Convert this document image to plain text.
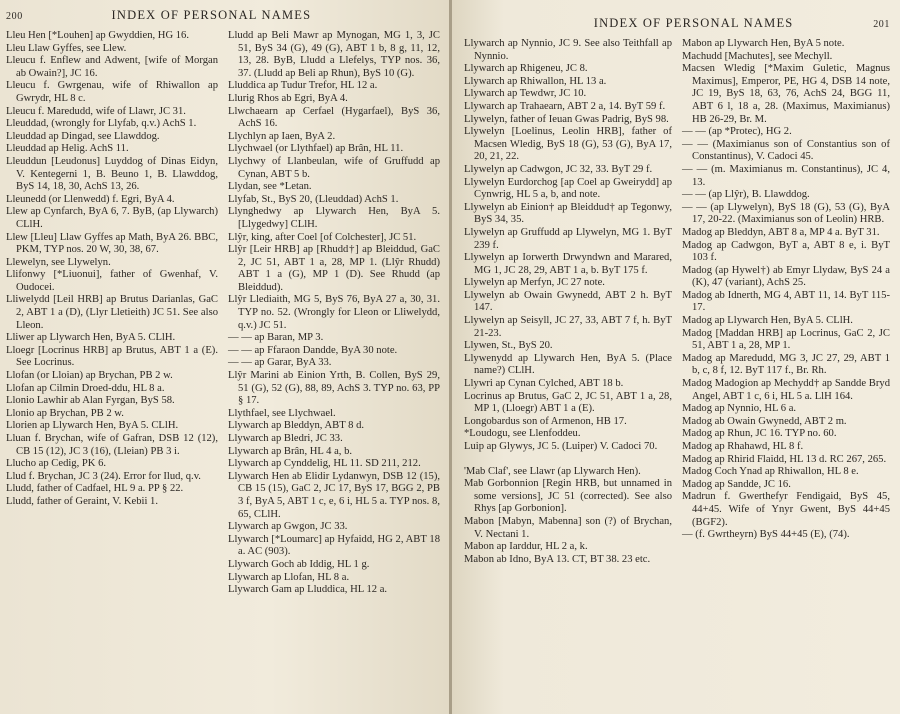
200	INDEX OF PERSONAL NAMES

Lleu Hen [*Louhen] ap Gwyddien, HG 16.

Lleu Llaw Gyffes, see Llew.

Lleucu f. Enflew and Adwent, [wife of Morgan ab Owain?], JC 16.

Lleucu f. Gwrgenau, wife of Rhiwallon ap Gwrydr, HL 8 c.

Lleucu f. Maredudd, wife of Llawr, JC 31.

Lleuddad, (wrongly for Llyfab, q.v.) AchS 1.

Lleuddad ap Dingad, see Llawddog.

Lleuddad ap Helig. AchS 11.

Lleuddun [Leudonus] Luyddog of Dinas Eidyn, V. Kentegerni 1, B. Beuno 1, B. Llawddog, ByS 14, 18, 30, AchS 13, 26.

Lleunedd (or Llenwedd) f. Egri, ByA 4.

Llew ap Cynfarch, ByA 6, 7. ByB, (ap Llywarch) CLlH.

Llew [Lleu] Llaw Gyffes ap Math, ByA 26. BBC, PKM, TYP nos. 20 W, 30, 38, 67.

Llewelyn, see Llywelyn.

Llifonwy [*Liuonui], father of Gwenhaf, V. Oudocei.

Lliwelydd [Leil HRB] ap Brutus Darianlas, GaC 2, ABT 1 a (D), (Llyr Lletieith) JC 51. See also Lleon.

Lliwer ap Llywarch Hen, ByA 5. CLlH.

Lloegr [Locrinus HRB] ap Brutus, ABT 1 a (E). See Locrinus.

Llofan (or Lloian) ap Brychan, PB 2 w.

Llofan ap Cilmin Droed-ddu, HL 8 a.

Llonio Lawhir ab Alan Fyrgan, ByS 58.

Llonio ap Brychan, PB 2 w.

Llorien ap Llywarch Hen, ByA 5. CLlH.

Lluan f. Brychan, wife of Gafran, DSB 12 (12), CB 15 (12), JC 3 (16), (Lleian) PB 3 i.

Llucho ap Cedig, PK 6.

Llud f. Brychan, JC 3 (24). Error for Ilud, q.v.

Lludd, father of Cadfael, HL 9 a. PP § 22.

Lludd, father of Geraint, V. Kebii 1.

Lludd ap Beli Mawr ap Mynogan, MG 1, 3, JC 51, ByS 34 (G), 49 (G), ABT 1 b, 8 g, 11, 12, 13, 28. ByB, Lludd a Llefelys, TYP nos. 36, 37. (Lludd ap Beli ap Rhun), ByS 10 (G).

Lluddica ap Tudur Trefor, HL 12 a.

Llurig Rhos ab Egri, ByA 4.

Llwchaearn ap Cerfael (Hygarfael), ByS 36, AchS 16.

Llychlyn ap Iaen, ByA 2.

Llychwael (or Llythfael) ap Brân, HL 11.

Llychwy of Llanbeulan, wife of Gruffudd ap Cynan, ABT 5 b.

Llydan, see *Letan.

Llyfab, St., ByS 20, (Lleuddad) AchS 1.

Llynghedwy ap Llywarch Hen, ByA 5. [Llygedwy] CLlH.

Llŷr, king, after Coel [of Colchester], JC 51.

Llŷr [Leir HRB] ap [Rhudd†] ap Bleiddud, GaC 2, JC 51, ABT 1 a, 28, MP 1. (Llŷr Rhudd) ABT 1 a (G), MP 1 (D). See Rhudd (ap Bleiddud).

Llŷr Llediaith, MG 5, ByS 76, ByA 27 a, 30, 31. TYP no. 52. (Wrongly for Lleon or Lliwelydd, q.v.) JC 51.

— — ap Baran, MP 3.

— — ap Ffaraon Dandde, ByA 30 note.

— — ap Garar, ByA 33.

Llŷr Marini ab Einion Yrth, B. Collen, ByS 29, 51 (G), 52 (G), 88, 89, AchS 3. TYP no. 63, PP § 17.

Llythfael, see Llychwael.

Llywarch ap Bleddyn, ABT 8 d.

Llywarch ap Bledri, JC 33.

Llywarch ap Brân, HL 4 a, b.

Llywarch ap Cynddelig, HL 11. SD 211, 212.

Llywarch Hen ab Elidir Lydanwyn, DSB 12 (15), CB 15 (15), GaC 2, JC 17, ByS 17, BGG 2, PB 3 f, ByA 5, ABT 1 c, e, 6 i, HL 5 a. TYP nos. 8, 65, CLlH.

Llywarch ap Gwgon, JC 33.

Llywarch [*Loumarc] ap Hyfaidd, HG 2, ABT 18 a. AC (903).

Llywarch Goch ab Iddig, HL 1 g.

Llywarch ap Llofan, HL 8 a.

Llywarch Gam ap Lluddica, HL 12 a.

INDEX OF PERSONAL NAMES	201

Llywarch ap Nynnio, JC 9. See also Teithfall ap Nynnio.

Llywarch ap Rhigeneu, JC 8.

Llywarch ap Rhiwallon, HL 13 a.

Llywarch ap Tewdwr, JC 10.

Llywarch ap Trahaearn, ABT 2 a, 14. ByT 59 f.

Llywelyn, father of Ieuan Gwas Padrig, ByS 98.

Llywelyn [Loelinus, Leolin HRB], father of Macsen Wledig, ByS 18 (G), 53 (G), ByA 17, 20, 21, 22.

Llywelyn ap Cadwgon, JC 32, 33. ByT 29 f.

Llywelyn Eurdorchog [ap Coel ap Gweirydd] ap Cynwrig, HL 5 a, b, and note.

Llywelyn ab Einion† ap Bleiddud† ap Tegonwy, ByS 34, 35.

Llywelyn ap Gruffudd ap Llywelyn, MG 1. ByT 239 f.

Llywelyn ap Iorwerth Drwyndwn and Marared, MG 1, JC 28, 29, ABT 1 a, b. ByT 175 f.

Llywelyn ap Merfyn, JC 27 note.

Llywelyn ab Owain Gwynedd, ABT 2 h. ByT 147.

Llywelyn ap Seisyll, JC 27, 33, ABT 7 f, h. ByT 21-23.

Llywen, St., ByS 20.

Llywenydd ap Llywarch Hen, ByA 5. (Place name?) CLlH.

Llywri ap Cynan Cylched, ABT 18 b.

Locrinus ap Brutus, GaC 2, JC 51, ABT 1 a, 28, MP 1, (Lloegr) ABT 1 a (E).

Longobardus son of Armenon, HB 17.

*Loudogu, see Llenfoddeu.

Luip ap Glywys, JC 5. (Luiper) V. Cadoci 70.

'Mab Claf', see Llawr (ap Llywarch Hen).

Mab Gorbonnion [Regin HRB, but unnamed in some versions], JC 51 (corrected). See also Rhys [ap Gorbonion].

Mabon [Mabyn, Mabenna] son (?) of Brychan, V. Nectani 1.

Mabon ap Iarddur, HL 2 a, k.

Mabon ab Idno, ByA 13. CT, BT 38. 23 etc.

Mabon ap Llywarch Hen, ByA 5 note.

Machudd [Machutes], see Mechyll.

Macsen Wledig [*Maxim Guletic, Magnus Maximus], Emperor, PE, HG 4, DSB 14 note, JC 19, ByS 18, 63, 76, AchS 24, BGG 11, ABT 6 l, 18 a, 28. (Maximus, Maximianus) HB 26-29, Br. M.

— — (ap *Protec), HG 2.

— — (Maximianus son of Constantius son of Constantinus), V. Cadoci 45.

— — (m. Maximianus m. Constantinus), JC 4, 13.

— — (ap Llŷr), B. Llawddog.

— — (ap Llywelyn), ByS 18 (G), 53 (G), ByA 17, 20-22. (Maximianus son of Leolin) HRB.

Madog ap Bleddyn, ABT 8 a, MP 4 a. ByT 31.

Madog ap Cadwgon, ByT a, ABT 8 e, i. ByT 103 f.

Madog (ap Hywel†) ab Emyr Llydaw, ByS 24 a (K), 47 (variant), AchS 25.

Madog ab Idnerth, MG 4, ABT 11, 14. ByT 115-17.

Madog ap Llywarch Hen, ByA 5. CLlH.

Madog [Maddan HRB] ap Locrinus, GaC 2, JC 51, ABT 1 a, 28, MP 1.

Madog ap Maredudd, MG 3, JC 27, 29, ABT 1 b, c, 8 f, 12. ByT 117 f., Br. Rh.

Madog Madogion ap Mechydd† ap Sandde Bryd Angel, ABT 1 c, 6 i, HL 5 a. LlH 164.

Madog ap Nynnio, HL 6 a.

Madog ab Owain Gwynedd, ABT 2 m.

Madog ap Rhun, JC 16. TYP no. 60.

Madog ap Rhahawd, HL 8 f.

Madog ap Rhirid Flaidd, HL 13 d. RC 267, 265.

Madog Coch Ynad ap Rhiwallon, HL 8 e.

Madog ap Sandde, JC 16.

Madrun f. Gwerthefyr Fendigaid, ByS 45, 44+45. Wife of Ynyr Gwent, ByS 44+45 (BGF2).

— (f. Gwrtheyrn) ByS 44+45 (E), (74).
